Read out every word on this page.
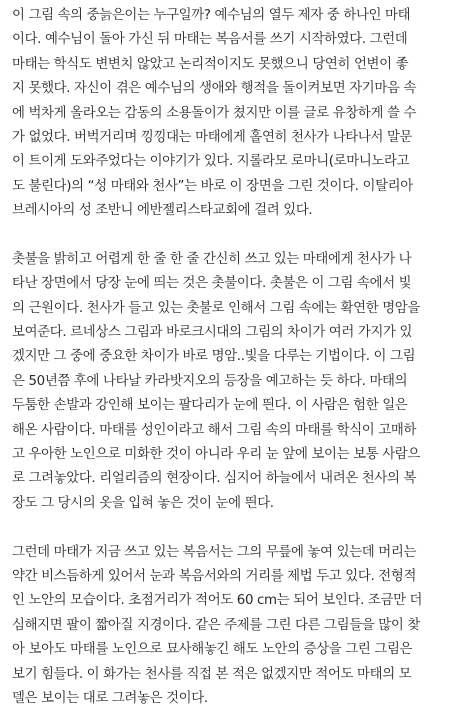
이 그림 속의 중늙은이는 누구일까? 예수님의 열두 제자 중 하나인 마태
이다. 예수님이 돌아 가신 뒤 마태는 복음서를 쓰기 시작하였다. 그런데
마태는 학식도 변변치 않았고 논리적이지도 못했으니 당연히 언변이 좋
지 못했다. 자신이 겪은 예수님의 생애와 행적을 돌이켜보면 자기마음 속
에 벅차게 올라오는 감동의 소용돌이가 쳤지만 이를 글로 유창하게 쓸 수
가 없었다. 버벅거리며 낑낑대는 마태에게 홀연히 천사가 나타나서 말문
이 트이게 도와주었다는 이야기가 있다. 지롤라모 로마니(로마니노라고
도 불린다)의 “성 마태와 천사”는 바로 이 장면을 그린 것이다. 이탈리아
브레시아의 성 조반니 에반젤리스타교회에 걸려 있다.
촛불을 밝히고 어렵게 한 줄 한 줄 간신히 쓰고 있는 마태에게 천사가 나
타난 장면에서 당장 눈에 띄는 것은 촛불이다. 촛불은 이 그림 속에서 빛
의 근원이다. 천사가 들고 있는 촛불로 인해서 그림 속에는 확연한 명암을
보여준다. 르네상스 그림과 바로크시대의 그림의 차이가 여러 가지가 있
겠지만 그 중에 중요한 차이가 바로 명암..빛을 다루는 기법이다. 이 그림
은 50년쯤 후에 나타날 카라밧지오의 등장을 예고하는 듯 하다. 마태의
두툼한 손발과 강인해 보이는 팔다리가 눈에 띈다. 이 사람은 험한 일은
해온 사람이다. 마태를 성인이라고 해서 그림 속의 마태를 학식이 고매하
고 우아한 노인으로 미화한 것이 아니라 우리 눈 앞에 보이는 보통 사람으
로 그려놓았다. 리얼리즘의 현장이다. 심지어 하늘에서 내려온 천사의 복
장도 그 당시의 옷을 입혀 놓은 것이 눈에 띈다.
그런데 마태가 지금 쓰고 있는 복음서는 그의 무릎에 놓여 있는데 머리는
약간 비스듬하게 있어서 눈과 복음서와의 거리를 제법 두고 있다. 전형적
인 노안의 모습이다. 초점거리가 적어도 60 cm는 되어 보인다. 조금만 더
심해지면 팔이 짧아질 지경이다. 같은 주제를 그린 다른 그림들을 많이 찾
아 보아도 마태를 노인으로 묘사해놓긴 해도 노안의 증상을 그린 그림은
보기 힘들다. 이 화가는 천사를 직접 본 적은 없겠지만 적어도 마태의 모
델은 보이는 대로 그려놓은 것이다.
